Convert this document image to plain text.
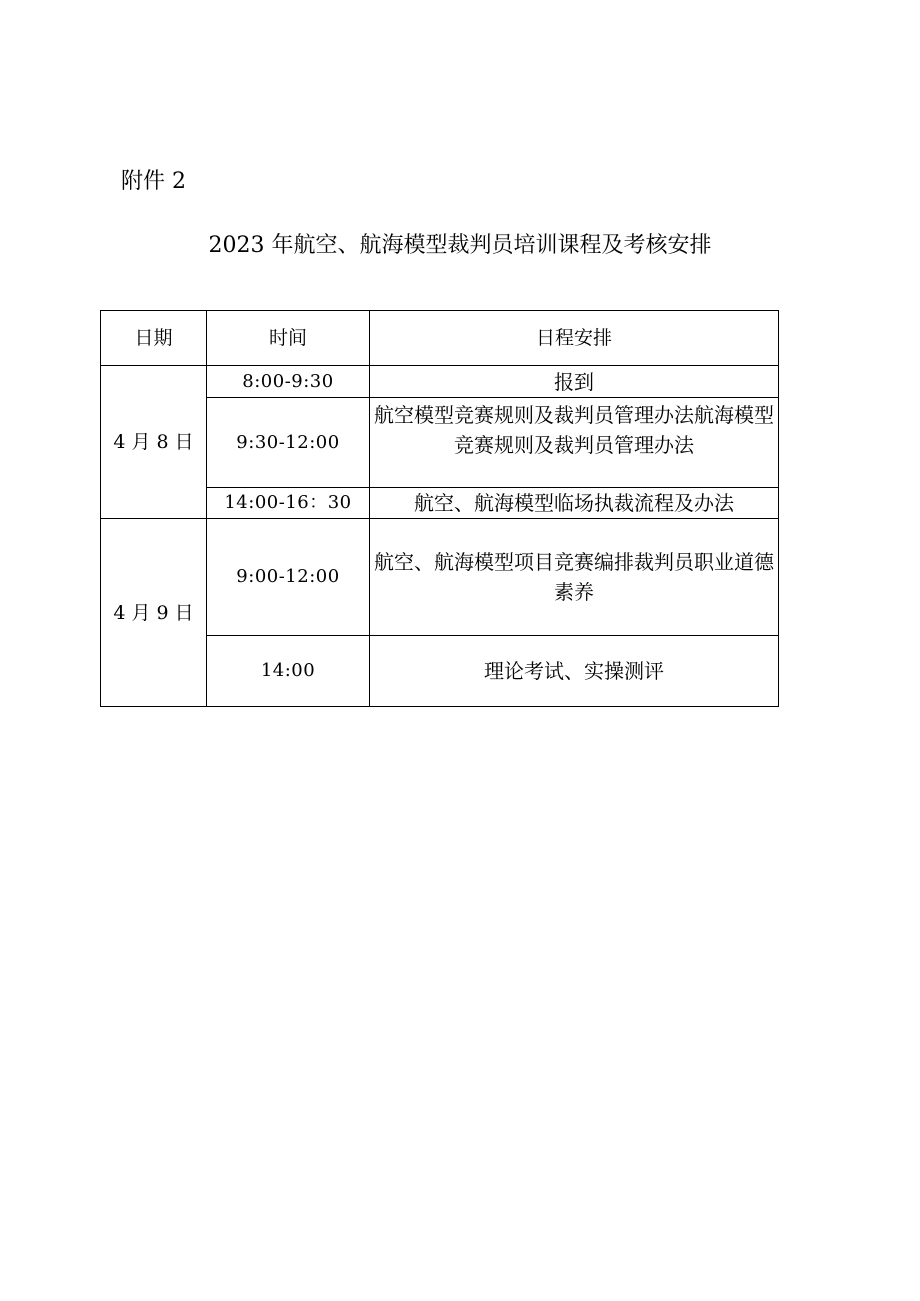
附件 2
2023 年航空、航海模型裁判员培训课程及考核安排
日期	时间	日程安排
4 月 8 日	8:00-9:30	报到
	9:30-12:00	航空模型竞赛规则及裁判员管理办法航海模型竞赛规则及裁判员管理办法
	14:00-16：30	航空、航海模型临场执裁流程及办法
4 月 9 日	9:00-12:00	航空、航海模型项目竞赛编排裁判员职业道德素养
	14:00	理论考试、实操测评
